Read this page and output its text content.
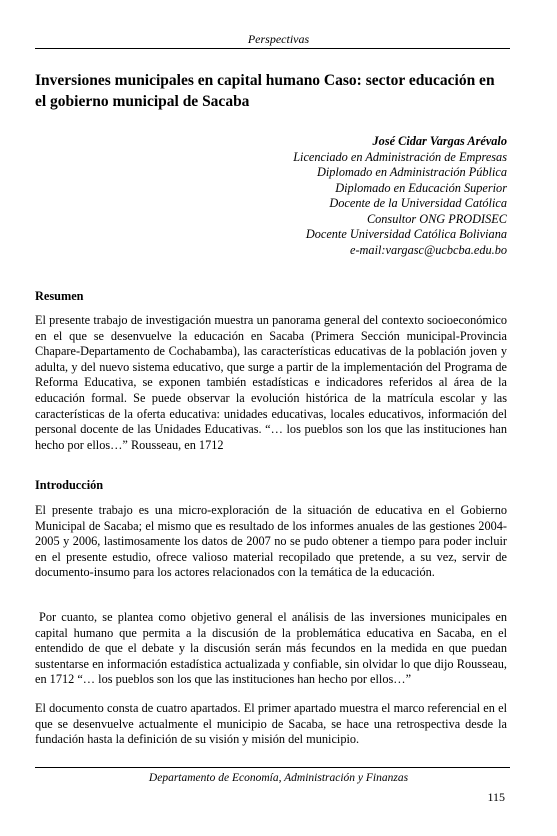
Perspectivas
Inversiones municipales en capital humano Caso: sector educación en el gobierno municipal de Sacaba
José Cidar Vargas Arévalo
Licenciado en Administración de Empresas
Diplomado en Administración Pública
Diplomado en Educación Superior
Docente de la Universidad Católica
Consultor ONG PRODISEC
Docente Universidad Católica Boliviana
e-mail:vargasc@ucbcba.edu.bo
Resumen

El presente trabajo de investigación muestra un panorama general del contexto socioeconómico en el que se desenvuelve la educación en Sacaba (Primera Sección municipal-Provincia Chapare-Departamento de Cochabamba), las características educativas de la población joven y adulta, y del nuevo sistema educativo, que surge a partir de la implementación del Programa de Reforma Educativa, se exponen también estadísticas e indicadores referidos al área de la educación formal. Se puede observar la evolución histórica de la matrícula escolar y las características de la oferta educativa: unidades educativas, locales educativos, información del personal docente de las Unidades Educativas. “… los pueblos son los que las instituciones han hecho por ellos…” Rousseau, en 1712

Introducción

El presente trabajo es una micro-exploración de la situación de educativa en el Gobierno Municipal de Sacaba; el mismo que es resultado de los informes anuales de las gestiones 2004-2005 y 2006, lastimosamente los datos de 2007 no se pudo obtener a tiempo para poder incluir en el presente estudio, ofrece valioso material recopilado que pretende, a su vez, servir de documento-insumo para los actores relacionados con la temática de la educación.

Por cuanto, se plantea como objetivo general el análisis de las inversiones municipales en capital humano que permita a la discusión de la problemática educativa en Sacaba, en el entendido de que el debate y la discusión serán más fecundos en la medida en que puedan sustentarse en información estadística actualizada y confiable, sin olvidar lo que dijo Rousseau, en 1712 “… los pueblos son los que las instituciones han hecho por ellos…”

El documento consta de cuatro apartados. El primer apartado muestra el marco referencial en el que se desenvuelve actualmente el municipio de Sacaba, se hace una retrospectiva desde la fundación hasta la definición de su visión y misión del municipio.

Departamento de Economía, Administración y Finanzas
115
